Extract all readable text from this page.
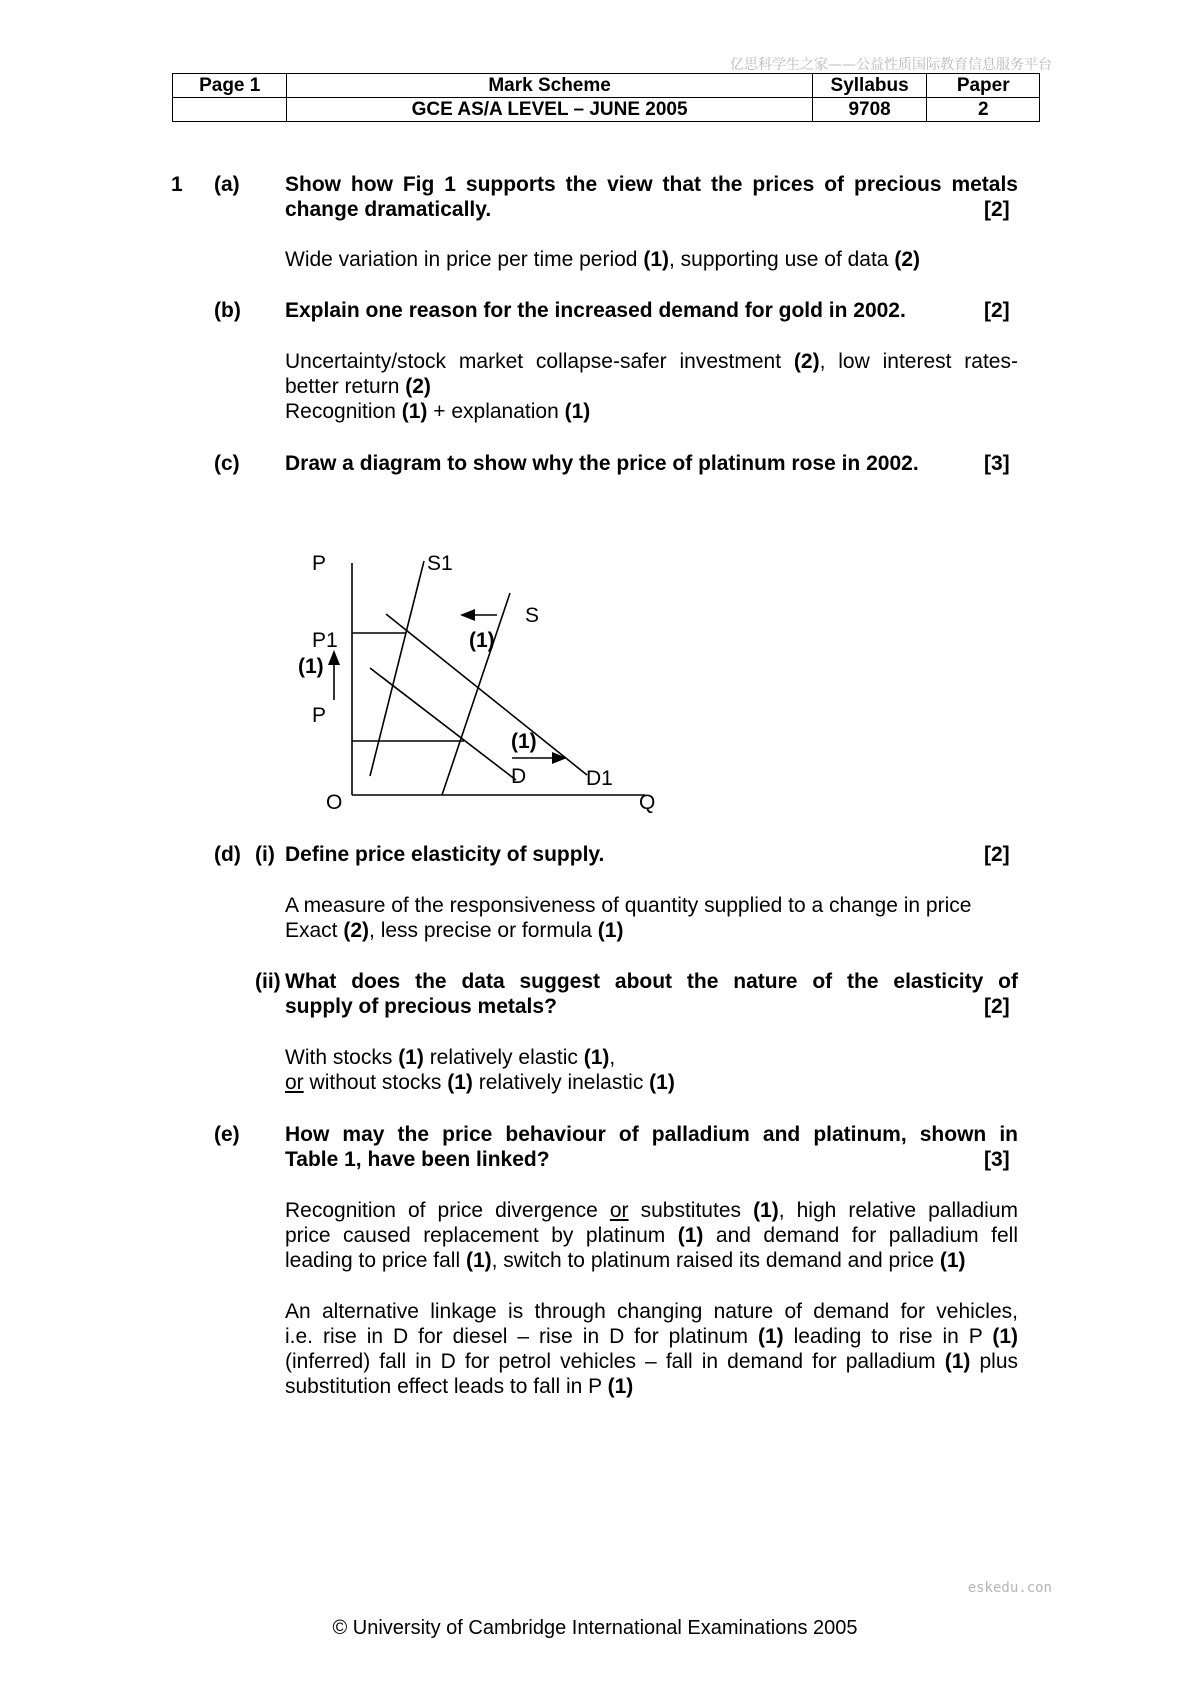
亿思科学生之家——公益性质国际教育信息服务平台
Page 1	Mark Scheme	Syllabus	Paper
	GCE AS/A LEVEL – JUNE 2005	9708	2
1 (a) Show how Fig 1 supports the view that the prices of precious metals
change dramatically.	[2]
Wide variation in price per time period (1), supporting use of data (2)
(b) Explain one reason for the increased demand for gold in 2002.	[2]
Uncertainty/stock market collapse-safer investment (2), low interest rates-
better return (2)
Recognition (1) + explanation (1)
(c) Draw a diagram to show why the price of platinum rose in 2002.	[3]
P	S1
S
P1	(1)
(1)
P
(1)
D	D1
O	Q
(d) (i) Define price elasticity of supply.	[2]
A measure of the responsiveness of quantity supplied to a change in price
Exact (2), less precise or formula (1)
(ii) What does the data suggest about the nature of the elasticity of
supply of precious metals?	[2]
With stocks (1) relatively elastic (1),
or without stocks (1) relatively inelastic (1)
(e) How may the price behaviour of palladium and platinum, shown in
Table 1, have been linked?	[3]
Recognition of price divergence or substitutes (1), high relative palladium
price caused replacement by platinum (1) and demand for palladium fell
leading to price fall (1), switch to platinum raised its demand and price (1)
An alternative linkage is through changing nature of demand for vehicles,
i.e. rise in D for diesel – rise in D for platinum (1) leading to rise in P (1)
(inferred) fall in D for petrol vehicles – fall in demand for palladium (1) plus
substitution effect leads to fall in P (1)
eskedu.con
© University of Cambridge International Examinations 2005
